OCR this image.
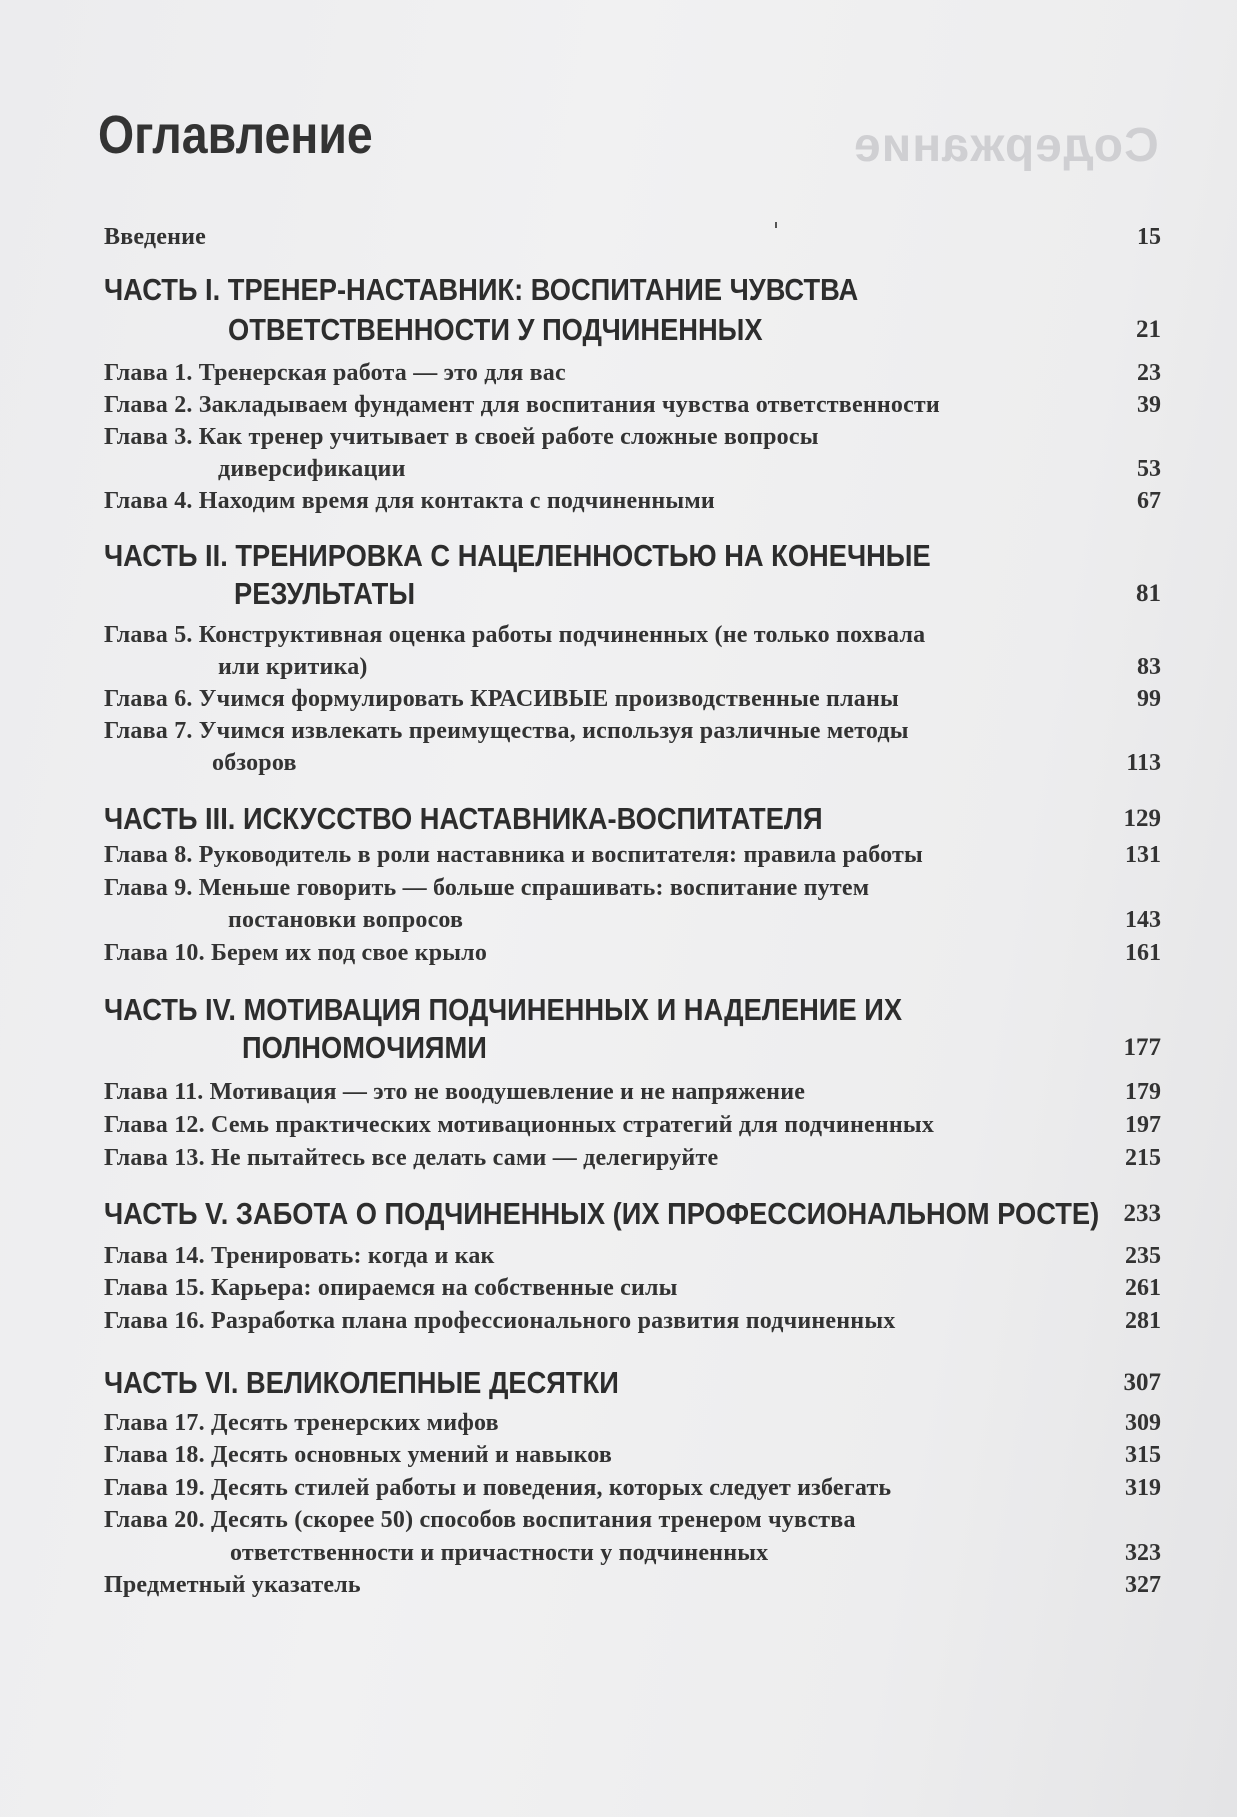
Содержание
Оглавление
Введение	15
ЧАСТЬ I. ТРЕНЕР-НАСТАВНИК: ВОСПИТАНИЕ ЧУВСТВА
ОТВЕТСТВЕННОСТИ У ПОДЧИНЕННЫХ	21
Глава 1. Тренерская работа — это для вас	23
Глава 2. Закладываем фундамент для воспитания чувства ответственности	39
Глава 3. Как тренер учитывает в своей работе сложные вопросы
диверсификации	53
Глава 4. Находим время для контакта с подчиненными	67
ЧАСТЬ II. ТРЕНИРОВКА С НАЦЕЛЕННОСТЬЮ НА КОНЕЧНЫЕ
РЕЗУЛЬТАТЫ	81
Глава 5. Конструктивная оценка работы подчиненных (не только похвала
или критика)	83
Глава 6. Учимся формулировать КРАСИВЫЕ производственные планы	99
Глава 7. Учимся извлекать преимущества, используя различные методы
обзоров	113
ЧАСТЬ III. ИСКУССТВО НАСТАВНИКА-ВОСПИТАТЕЛЯ	129
Глава 8. Руководитель в роли наставника и воспитателя: правила работы	131
Глава 9. Меньше говорить — больше спрашивать: воспитание путем
постановки вопросов	143
Глава 10. Берем их под свое крыло	161
ЧАСТЬ IV. МОТИВАЦИЯ ПОДЧИНЕННЫХ И НАДЕЛЕНИЕ ИХ
ПОЛНОМОЧИЯМИ	177
Глава 11. Мотивация — это не воодушевление и не напряжение	179
Глава 12. Семь практических мотивационных стратегий для подчиненных	197
Глава 13. Не пытайтесь все делать сами — делегируйте	215
ЧАСТЬ V. ЗАБОТА О ПОДЧИНЕННЫХ (ИХ ПРОФЕССИОНАЛЬНОМ РОСТЕ) 233
Глава 14. Тренировать: когда и как	235
Глава 15. Карьера: опираемся на собственные силы	261
Глава 16. Разработка плана профессионального развития подчиненных	281
ЧАСТЬ VI. ВЕЛИКОЛЕПНЫЕ ДЕСЯТКИ	307
Глава 17. Десять тренерских мифов	309
Глава 18. Десять основных умений и навыков	315
Глава 19. Десять стилей работы и поведения, которых следует избегать	319
Глава 20. Десять (скорее 50) способов воспитания тренером чувства
ответственности и причастности у подчиненных	323
Предметный указатель	327
